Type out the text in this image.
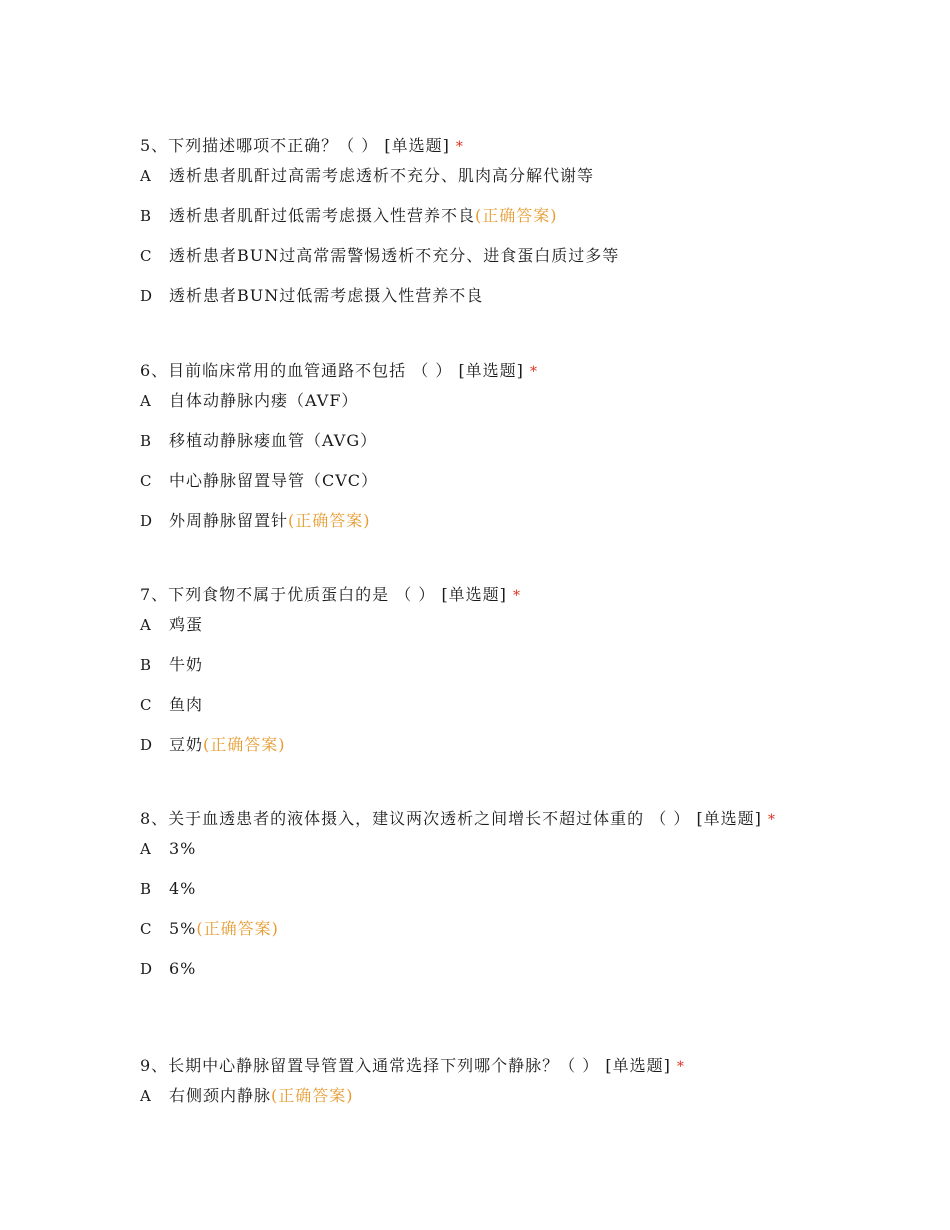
5、下列描述哪项不正确？（ ） [单选题] *
A 透析患者肌酐过高需考虑透析不充分、肌肉高分解代谢等
B 透析患者肌酐过低需考虑摄入性营养不良(正确答案)
C 透析患者BUN过高常需警惕透析不充分、进食蛋白质过多等
D 透析患者BUN过低需考虑摄入性营养不良
6、目前临床常用的血管通路不包括 （ ） [单选题] *
A 自体动静脉内瘘（AVF）
B 移植动静脉瘘血管（AVG）
C 中心静脉留置导管（CVC）
D 外周静脉留置针(正确答案)
7、下列食物不属于优质蛋白的是 （ ） [单选题] *
A 鸡蛋
B 牛奶
C 鱼肉
D 豆奶(正确答案)
8、关于血透患者的液体摄入，建议两次透析之间增长不超过体重的 （ ） [单选题] *
A 3%
B 4%
C 5%(正确答案)
D 6%
9、长期中心静脉留置导管置入通常选择下列哪个静脉？（ ） [单选题] *
A 右侧颈内静脉(正确答案)
